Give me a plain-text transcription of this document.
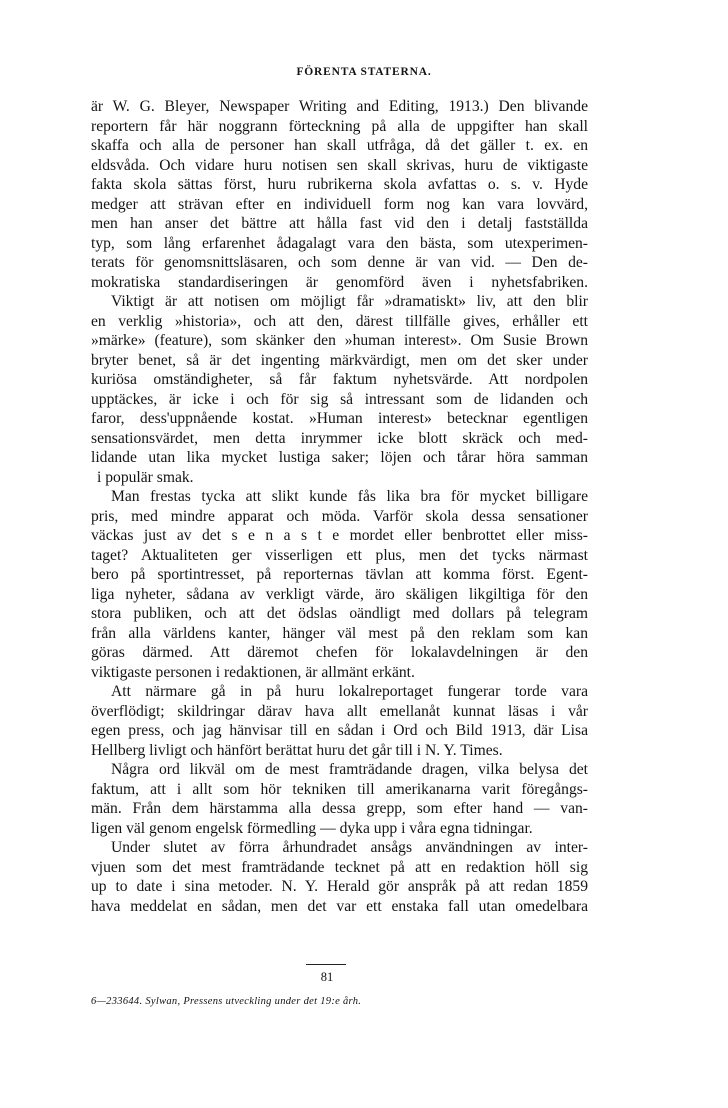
FÖRENTA STATERNA.
är W. G. Bleyer, Newspaper Writing and Editing, 1913.) Den blivande
reportern får här noggrann förteckning på alla de uppgifter han skall
skaffa och alla de personer han skall utfråga, då det gäller t. ex. en
eldsvåda. Och vidare huru notisen sen skall skrivas, huru de viktigaste
fakta skola sättas först, huru rubrikerna skola avfattas o. s. v. Hyde
medger att strävan efter en individuell form nog kan vara lovvärd,
men han anser det bättre att hålla fast vid den i detalj fastställda
typ, som lång erfarenhet ådagalagt vara den bästa, som utexperimen-
terats för genomsnittsläsaren, och som denne är van vid. — Den de-
mokratiska standardiseringen är genomförd även i nyhetsfabriken.
Viktigt är att notisen om möjligt får »dramatiskt» liv, att den blir
en verklig »historia», och att den, därest tillfälle gives, erhåller ett
»märke» (feature), som skänker den »human interest». Om Susie Brown
bryter benet, så är det ingenting märkvärdigt, men om det sker under
kuriösa omständigheter, så får faktum nyhetsvärde. Att nordpolen
upptäckes, är icke i och för sig så intressant som de lidanden och
faror, dess'uppnående kostat. »Human interest» betecknar egentligen
sensationsvärdet, men detta inrymmer icke blott skräck och med-
lidande utan lika mycket lustiga saker; löjen och tårar höra samman
i populär smak.
Man frestas tycka att slikt kunde fås lika bra för mycket billigare
pris, med mindre apparat och möda. Varför skola dessa sensationer
väckas just av det s e n a s t e mordet eller benbrottet eller miss-
taget? Aktualiteten ger visserligen ett plus, men det tycks närmast
bero på sportintresset, på reporternas tävlan att komma först. Egent-
liga nyheter, sådana av verkligt värde, äro skäligen likgiltiga för den
stora publiken, och att det ödslas oändligt med dollars på telegram
från alla världens kanter, hänger väl mest på den reklam som kan
göras därmed. Att däremot chefen för lokalavdelningen är den
viktigaste personen i redaktionen, är allmänt erkänt.
Att närmare gå in på huru lokalreportaget fungerar torde vara
överflödigt; skildringar därav hava allt emellanåt kunnat läsas i vår
egen press, och jag hänvisar till en sådan i Ord och Bild 1913, där Lisa
Hellberg livligt och hänfört berättat huru det går till i N. Y. Times.
Några ord likväl om de mest framträdande dragen, vilka belysa det
faktum, att i allt som hör tekniken till amerikanarna varit föregångs-
män. Från dem härstamma alla dessa grepp, som efter hand — van-
ligen väl genom engelsk förmedling — dyka upp i våra egna tidningar.
Under slutet av förra århundradet ansågs användningen av inter-
vjuen som det mest framträdande tecknet på att en redaktion höll sig
up to date i sina metoder. N. Y. Herald gör anspråk på att redan 1859
hava meddelat en sådan, men det var ett enstaka fall utan omedelbara
81
6—233644. Sylwan, Pressens utveckling under det 19:e årh.
